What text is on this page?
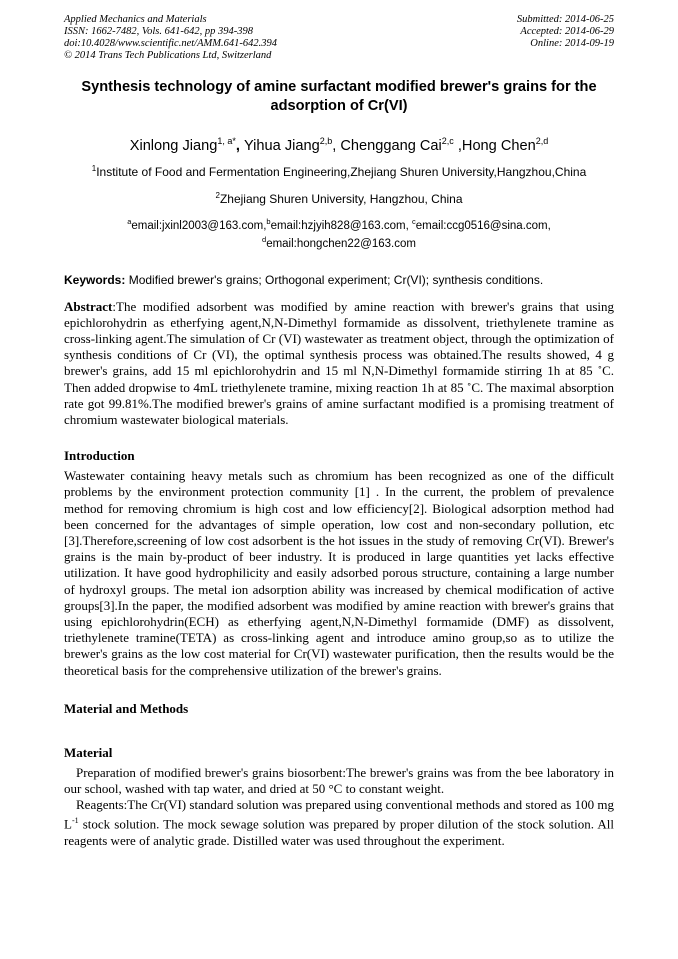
Applied Mechanics and Materials
ISSN: 1662-7482, Vols. 641-642, pp 394-398
doi:10.4028/www.scientific.net/AMM.641-642.394
© 2014 Trans Tech Publications Ltd, Switzerland
Submitted: 2014-06-25
Accepted: 2014-06-29
Online: 2014-09-19
Synthesis technology of amine surfactant modified brewer's grains for the adsorption of Cr(VI)
Xinlong Jiang$^{1, a*}$, Yihua Jiang$^{2,b}$, Chenggang Cai$^{2,c}$ ,Hong Chen$^{2,d}$
$^1$Institute of Food and Fermentation Engineering,Zhejiang Shuren University,Hangzhou,China
$^2$Zhejiang Shuren University, Hangzhou, China
$^a$email:jxinl2003@163.com,$^b$email:hzjyih828@163.com, $^c$email:ccg0516@sina.com,
$^d$email:hongchen22@163.com
Keywords: Modified brewer's grains; Orthogonal experiment; Cr(VI); synthesis conditions.
Abstract:The modified adsorbent was modified by amine reaction with brewer's grains that using epichlorohydrin as etherfying agent,N,N-Dimethyl formamide as dissolvent, triethylenete tramine as cross-linking agent.The simulation of Cr (VI) wastewater as treatment object, through the optimization of synthesis conditions of Cr (VI), the optimal synthesis process was obtained.The results showed, 4 g brewer's grains, add 15 ml epichlorohydrin and 15 ml N,N-Dimethyl formamide stirring 1h at 85 ˚C. Then added dropwise to 4mL triethylenete tramine, mixing reaction 1h at 85 ˚C. The maximal absorption rate got 99.81%.The modified brewer's grains of amine surfactant modified is a promising treatment of chromium wastewater biological materials.
Introduction
Wastewater containing heavy metals such as chromium has been recognized as one of the difficult problems by the environment protection community [1] . In the current, the problem of prevalence method for removing chromium is high cost and low efficiency[2]. Biological adsorption method had been concerned for the advantages of simple operation, low cost and non-secondary pollution, etc [3].Therefore,screening of low cost adsorbent is the hot issues in the study of removing Cr(VI). Brewer's grains is the main by-product of beer industry. It is produced in large quantities yet lacks effective utilization. It have good hydrophilicity and easily adsorbed porous structure, containing a large number of hydroxyl groups. The metal ion adsorption ability was increased by chemical modification of active groups[3].In the paper, the modified adsorbent was modified by amine reaction with brewer's grains that using epichlorohydrin(ECH) as etherfying agent,N,N-Dimethyl formamide (DMF) as dissolvent, triethylenete tramine(TETA) as cross-linking agent and introduce amino group,so as to utilize the brewer's grains as the low cost material for Cr(VI) wastewater purification, then the results would be the theoretical basis for the comprehensive utilization of the brewer's grains.
Material and Methods
Material
Preparation of modified brewer's grains biosorbent:The brewer's grains was from the bee laboratory in our school, washed with tap water, and dried at 50 °C to constant weight.
Reagents:The Cr(VI) standard solution was prepared using conventional methods and stored as 100 mg $L^{-1}$ stock solution. The mock sewage solution was prepared by proper dilution of the stock solution. All reagents were of analytic grade. Distilled water was used throughout the experiment.
